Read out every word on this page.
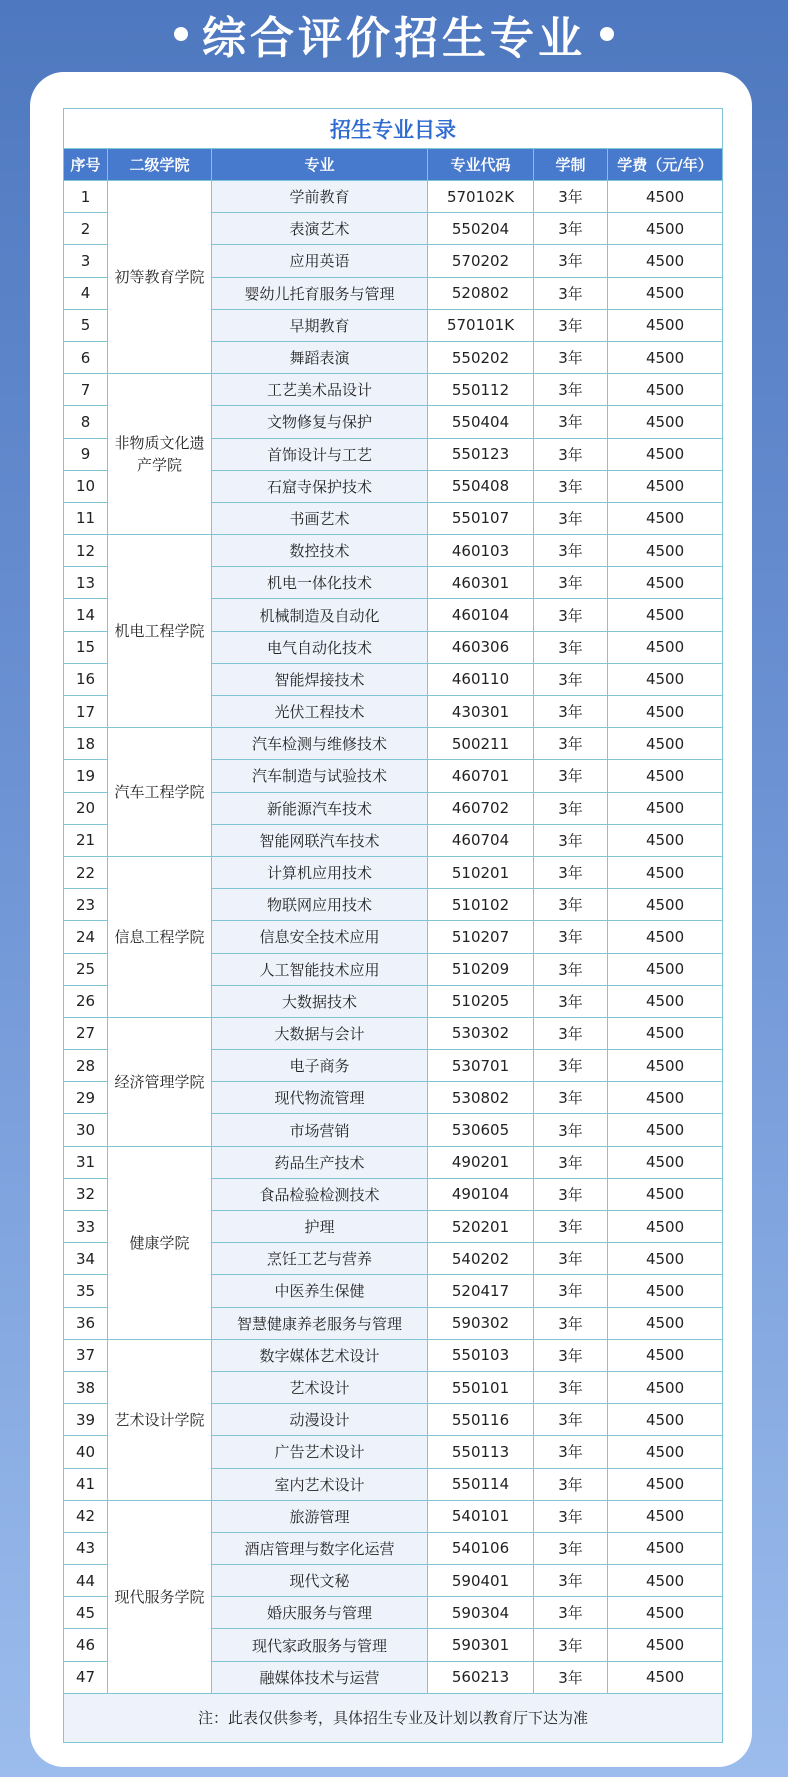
综合评价招生专业
招生专业目录					
序号	二级学院	专业	专业代码	学制	学费（元/年）
1	初等教育学院	学前教育	570102K	3年	4500
2		表演艺术	550204	3年	4500
3		应用英语	570202	3年	4500
4		婴幼儿托育服务与管理	520802	3年	4500
5		早期教育	570101K	3年	4500
6		舞蹈表演	550202	3年	4500
7	非物质文化遗产学院	工艺美术品设计	550112	3年	4500
8		文物修复与保护	550404	3年	4500
9		首饰设计与工艺	550123	3年	4500
10		石窟寺保护技术	550408	3年	4500
11		书画艺术	550107	3年	4500
12	机电工程学院	数控技术	460103	3年	4500
13		机电一体化技术	460301	3年	4500
14		机械制造及自动化	460104	3年	4500
15		电气自动化技术	460306	3年	4500
16		智能焊接技术	460110	3年	4500
17		光伏工程技术	430301	3年	4500
18	汽车工程学院	汽车检测与维修技术	500211	3年	4500
19		汽车制造与试验技术	460701	3年	4500
20		新能源汽车技术	460702	3年	4500
21		智能网联汽车技术	460704	3年	4500
22	信息工程学院	计算机应用技术	510201	3年	4500
23		物联网应用技术	510102	3年	4500
24		信息安全技术应用	510207	3年	4500
25		人工智能技术应用	510209	3年	4500
26		大数据技术	510205	3年	4500
27	经济管理学院	大数据与会计	530302	3年	4500
28		电子商务	530701	3年	4500
29		现代物流管理	530802	3年	4500
30		市场营销	530605	3年	4500
31	健康学院	药品生产技术	490201	3年	4500
32		食品检验检测技术	490104	3年	4500
33		护理	520201	3年	4500
34		烹饪工艺与营养	540202	3年	4500
35		中医养生保健	520417	3年	4500
36		智慧健康养老服务与管理	590302	3年	4500
37	艺术设计学院	数字媒体艺术设计	550103	3年	4500
38		艺术设计	550101	3年	4500
39		动漫设计	550116	3年	4500
40		广告艺术设计	550113	3年	4500
41		室内艺术设计	550114	3年	4500
42	现代服务学院	旅游管理	540101	3年	4500
43		酒店管理与数字化运营	540106	3年	4500
44		现代文秘	590401	3年	4500
45		婚庆服务与管理	590304	3年	4500
46		现代家政服务与管理	590301	3年	4500
47		融媒体技术与运营	560213	3年	4500
注：此表仅供参考，具体招生专业及计划以教育厅下达为准					
